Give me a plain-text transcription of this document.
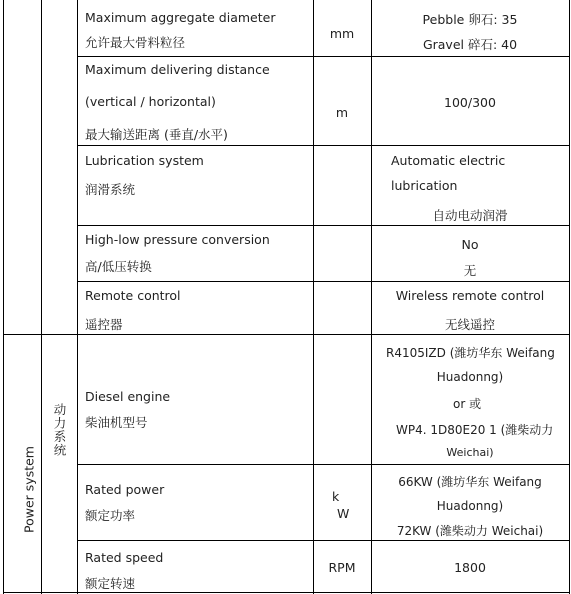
Power system
动力系统
Maximum aggregate diameter
允许最大骨料粒径
mm
Pebble 卵石: 35
Gravel 碎石: 40
Maximum delivering distance
(vertical / horizontal)
最大输送距离 (垂直/水平)
m
100/300
Lubrication system
润滑系统
Automatic electric
lubrication
自动电动润滑
High-low pressure conversion
高/低压转换
No
无
Remote control
遥控器
Wireless remote control
无线遥控
Diesel engine
柴油机型号
R4105IZD (潍坊华东 Weifang
Huadonng)
or 或
WP4. 1D80E20 1 (潍柴动力
Weichai)
Rated power
额定功率
k
W
66KW (潍坊华东 Weifang
Huadonng)
72KW (潍柴动力 Weichai)
Rated speed
额定转速
RPM	1800
